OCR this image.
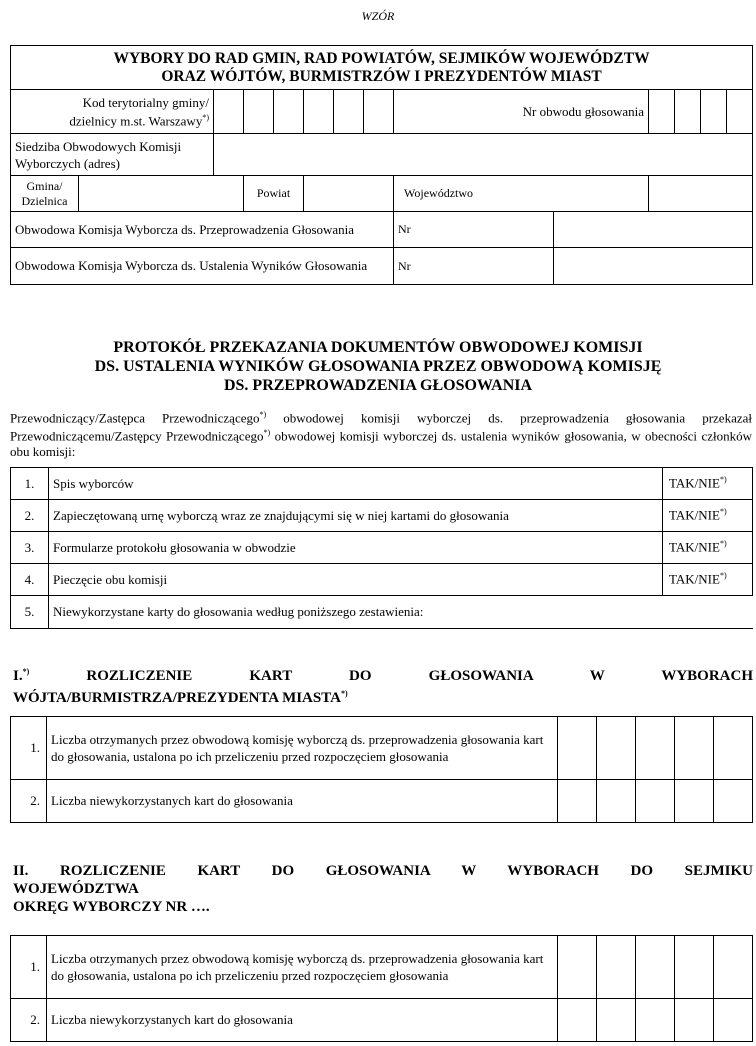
WZÓR
WYBORY DO RAD GMIN, RAD POWIATÓW, SEJMIKÓW WOJEWÓDZTW
ORAZ WÓJTÓW, BURMISTRZÓW I PREZYDENTÓW MIAST													

Kod terytorialny gminy/
dzielnicy m.st. Warszawy*)								Nr obwodu głosowania					

Siedziba Obwodowych Komisji
Wyborczych (adres)													

Gmina/
Dzielnica			Powiat					Województwo					
Obwodowa Komisja Wyborcza ds. Przeprowadzenia Głosowania								Nr					
Obwodowa Komisja Wyborcza ds. Ustalenia Wyników Głosowania								Nr					
PROTOKÓŁ PRZEKAZANIA DOKUMENTÓW OBWODOWEJ KOMISJI
DS. USTALENIA WYNIKÓW GŁOSOWANIA PRZEZ OBWODOWĄ KOMISJĘ
DS. PRZEPROWADZENIA GŁOSOWANIA
Przewodniczący/Zastępca Przewodniczącego*) obwodowej komisji wyborczej ds. przeprowadzenia głosowania przekazał Przewodniczącemu/Zastępcy Przewodniczącego*) obwodowej komisji wyborczej ds. ustalenia wyników głosowania, w obecności członków obu komisji:
1.	Spis wyborców	TAK/NIE*)
2.	Zapieczętowaną urnę wyborczą wraz ze znajdującymi się w niej kartami do głosowania	TAK/NIE*)
3.	Formularze protokołu głosowania w obwodzie	TAK/NIE*)
4.	Pieczęcie obu komisji	TAK/NIE*)
5.	Niewykorzystane karty do głosowania według poniższego zestawienia:	
I.*) ROZLICZENIE KART DO GŁOSOWANIA W WYBORACH
WÓJTA/BURMISTRZA/PREZYDENTA MIASTA*)
1.	Liczba otrzymanych przez obwodową komisję wyborczą ds. przeprowadzenia głosowania kart do głosowania, ustalona po ich przeliczeniu przed rozpoczęciem głosowania					
2.	Liczba niewykorzystanych kart do głosowania					
II. ROZLICZENIE KART DO GŁOSOWANIA W WYBORACH DO SEJMIKU
WOJEWÓDZTWA
OKRĘG WYBORCZY NR ….
1.	Liczba otrzymanych przez obwodową komisję wyborczą ds. przeprowadzenia głosowania kart do głosowania, ustalona po ich przeliczeniu przed rozpoczęciem głosowania					
2.	Liczba niewykorzystanych kart do głosowania					
